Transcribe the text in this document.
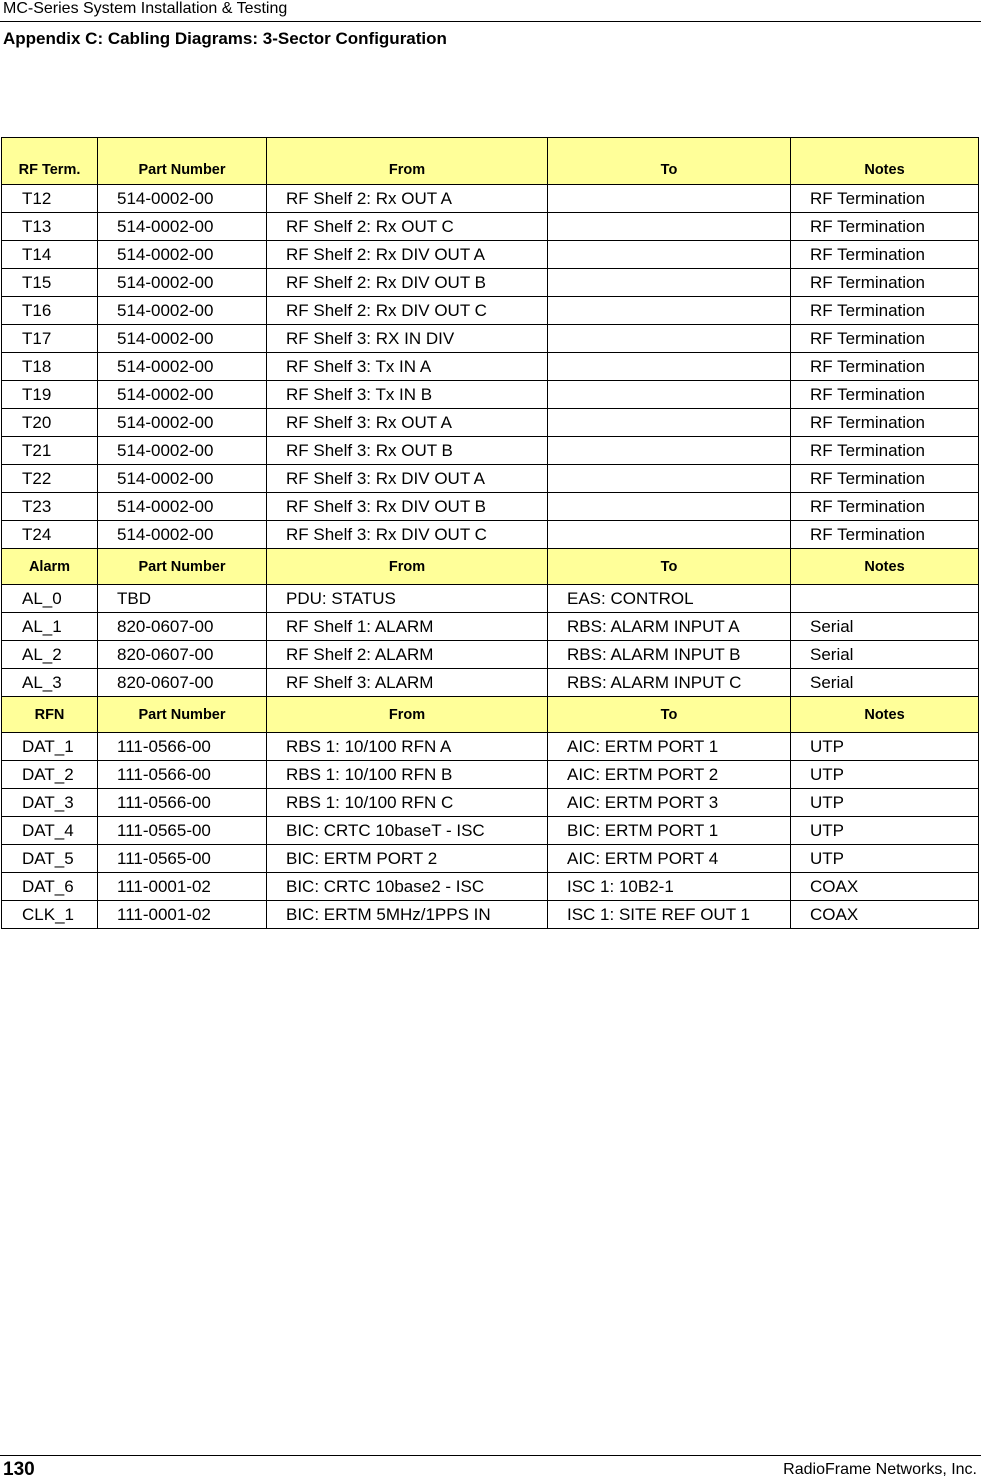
MC-Series System Installation & Testing
Appendix C: Cabling Diagrams: 3-Sector Configuration
RF Term.	Part Number	From	To	Notes
T12	514-0002-00	RF Shelf 2: Rx OUT A		RF Termination
T13	514-0002-00	RF Shelf 2: Rx OUT C		RF Termination
T14	514-0002-00	RF Shelf 2: Rx DIV OUT A		RF Termination
T15	514-0002-00	RF Shelf 2: Rx DIV OUT B		RF Termination
T16	514-0002-00	RF Shelf 2: Rx DIV OUT C		RF Termination
T17	514-0002-00	RF Shelf 3: RX IN DIV		RF Termination
T18	514-0002-00	RF Shelf 3: Tx IN A		RF Termination
T19	514-0002-00	RF Shelf 3: Tx IN B		RF Termination
T20	514-0002-00	RF Shelf 3: Rx OUT A		RF Termination
T21	514-0002-00	RF Shelf 3: Rx OUT B		RF Termination
T22	514-0002-00	RF Shelf 3: Rx DIV OUT A		RF Termination
T23	514-0002-00	RF Shelf 3: Rx DIV OUT B		RF Termination
T24	514-0002-00	RF Shelf 3: Rx DIV OUT C		RF Termination
Alarm	Part Number	From	To	Notes
AL_0	TBD	PDU: STATUS	EAS: CONTROL	
AL_1	820-0607-00	RF Shelf 1: ALARM	RBS: ALARM INPUT A	Serial
AL_2	820-0607-00	RF Shelf 2: ALARM	RBS: ALARM INPUT B	Serial
AL_3	820-0607-00	RF Shelf 3: ALARM	RBS: ALARM INPUT C	Serial
RFN	Part Number	From	To	Notes
DAT_1	111-0566-00	RBS 1: 10/100 RFN A	AIC: ERTM PORT 1	UTP
DAT_2	111-0566-00	RBS 1: 10/100 RFN B	AIC: ERTM PORT 2	UTP
DAT_3	111-0566-00	RBS 1: 10/100 RFN C	AIC: ERTM PORT 3	UTP
DAT_4	111-0565-00	BIC: CRTC 10baseT - ISC	BIC: ERTM PORT 1	UTP
DAT_5	111-0565-00	BIC: ERTM PORT 2	AIC: ERTM PORT 4	UTP
DAT_6	111-0001-02	BIC: CRTC 10base2 - ISC	ISC 1: 10B2-1	COAX
CLK_1	111-0001-02	BIC: ERTM 5MHz/1PPS IN	ISC 1: SITE REF OUT 1	COAX
130	RadioFrame Networks, Inc.
